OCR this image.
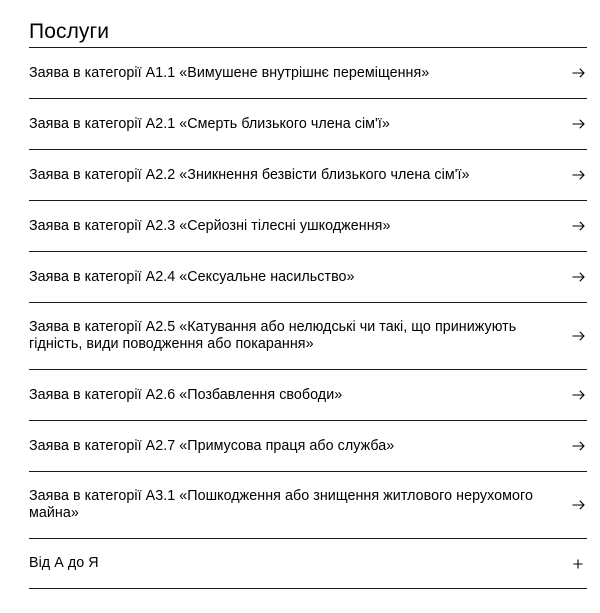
Послуги
Заява в категорії А1.1 «Вимушене внутрішнє переміщення»
Заява в категорії А2.1 «Смерть близького члена сім'ї»
Заява в категорії А2.2 «Зникнення безвісти близького члена сім'ї»
Заява в категорії А2.3 «Серйозні тілесні ушкодження»
Заява в категорії А2.4 «Сексуальне насильство»
Заява в категорії А2.5 «Катування або нелюдські чи такі, що принижують гідність, види поводження або покарання»
Заява в категорії А2.6 «Позбавлення свободи»
Заява в категорії А2.7 «Примусова праця або служба»
Заява в категорії А3.1 «Пошкодження або знищення житлового нерухомого майна»
Від А до Я
